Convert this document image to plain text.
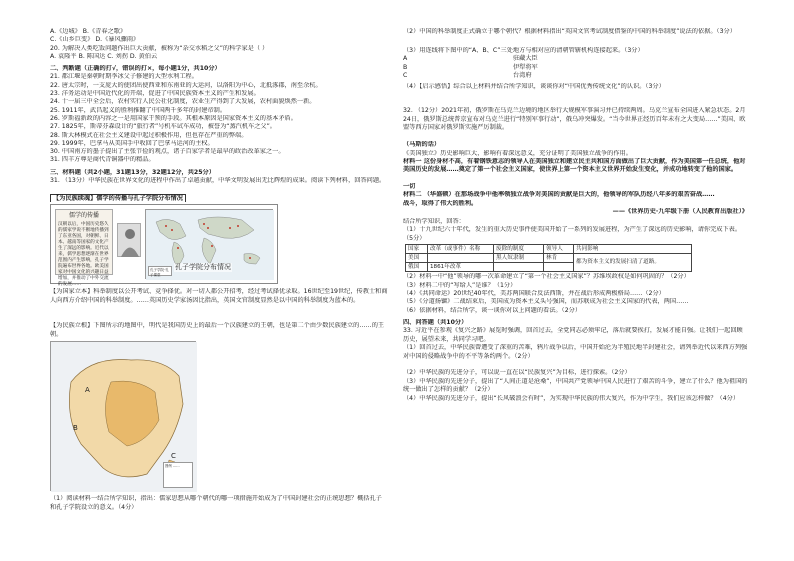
A.《边城》 B.《青春之歌》
C.《山乡巨变》 D.《暴风骤雨》
20. 为解决人类吃饭问题作出巨大贡献，被称为“杂交水稻之父”的科学家是（ ）
A. 袁隆平 B. 陈国达 C. 刘拐 D. 黄伯云
二、判断题（正确的打√，错误的打×，每小题1分，共10分）
21. 都江堰是秦朝时期李冰父子修建的大型水利工程。
22. 唐太宗时，一支庞大的使团出使西亚和东南亚的大运河，以洛阳为中心，北抵涿郡，南至余杭。
23. 洋务运动是中国近代化的开端，促进了中国民族资本主义的产生和发展。
24. 十一届三中全会后，农村实行人民公社化制度，农业生产得到了大发展，农村面貌焕然一新。
25. 1911年，武昌起义的胜利推翻了中国两千多年的封建帝制。
26. 罗斯福新政的内容之一是用国家干预的手段。其根本原因是国家资本主义的基本矛盾。
27. 1825年，斯蒂芬森设计的“旅行者”号机车试车成功，被誉为“蒸汽机车之父”。
28. 斯大林模式在社会主义建设中起过积极作用，但也存在严重的弊端。
29. 1999年，巴拿马从美国手中收回了巴拿马运河的主权。
30. 中国南方的墨子提出了主张节俭的观点，诸子百家学者是最早的政治改革家之一。
31. 四羊方尊是商代青铜器中的精品。
三、材料题（共2小题，31题13分，32题12分，共25分）
31. （13分）中华民族在世界文化的进程中作出了卓越贡献，中华文明发展出无比辉煌的成果。阅读下列材料，回答问题。
【为民族续魂】儒学的传播与孔子学院分布情况
儒学的传播
汉朝以后，中国历史悠久的儒家学说不断地传播到了东亚各国，对朝鲜、日本、越南等国家的文化产生了深远的影响。近代以来，儒学思想逐渐在世界范围内产生影响，孔子学院遍布世界各地。欧美国家对中国文化的兴趣日益增加，并推动了中外交流的发展……
孔子学院·孔子课堂
孔子学院分布情况
【为国家立本】科举制度以公开考试、竞争择优。对一切人都公开招考，经过考试择优录取。16世纪至19世纪，传教士和商人向西方介绍中国的科举制度。……英国历史学家汤因比指出，英国文官制度显然是以中国的科举制度为蓝本的。
【为民族立根】下图所示的地图中，明代是我国历史上的最后一个汉族建立的王朝，也是第二个由少数民族建立的……的王朝。
A
B
C
图例 ……
（1）阅读材料一结合所学知识，指出：儒家思想从哪个朝代的哪一项措施开始成为了中国封建社会的正统思想？概括孔子和孔子学院设立的意义。（4分）
（2）中国的科举制度正式确立于哪个朝代？根据材料指出“英国文官考试制度借鉴的中国的科举制度”说法的依据。（3分）
（3）用连线将下图中的“A、B、C”三处地方与相对应的清朝管辖机构连接起来。（3分）
A	驻藏大臣
B	伊犁将军
C	台湾府
（4）【启示感悟】综合以上材料并结合所学知识，谈谈你对“中国优秀传统文化”的认识。（3分）
32. （12分）2021年初，俄罗斯在乌克兰边境的地区举行大规模军事演习并已持续两周。乌克兰宣布全国进入紧急状态。2月24日，俄罗斯总统普京宣布对乌克兰进行“特别军事行动”，俄乌冲突爆发。“当今世界正经历百年未有之大变局……”美国、欧盟等西方国家对俄罗斯实施严厉制裁。
（马斯的话）
《美国独立》历史影响巨大，影响有着深远意义，充分证明了美国独立战争的作用。
材料一 这份身材不高，有着钢铁意志的领导人在美国独立和建立民主共和国方面做出了巨大贡献，作为美国第一任总统，他对美国历史的发展……奠定了第一个社会主义国家，使世界上第一个资本主义世界开始发生变化，并成功地转变了他的国家。
一切
材料二 （华盛顿）在那场战争中他率领独立战争对美国的贡献是巨大的，他领导的军队历经八年多的艰苦奋战……
战斗，取得了伟大的胜利。
——《世界历史·九年级下册（人民教育出版社）》
结合所学知识，回答：
（1）十九世纪六十年代，发生的重大历史事件使美国开始了一系列的发展进程，为产生了深远的历史影响，请你完成下表。（5分）
国家	改革（或事件）名称	废除的制度	领导人	共同影响
美国		黑人奴隶制	林肯	都为资本主义的发展扫清了道路。
俄国	1861年改革			
（2）材料一中“他”领导的哪一次革命建立了“第一个社会主义国家”？苏维埃政权是如何巩固的？（2分）
（3）材料二中的“写给人”是谁？（1分）
（4）《共同命运》20世纪40年代，美苏两国联合反法西斯，并在战后形成两极格局……（2分）
（5）《分道扬镳》二战结束后，美国成为资本主义头号强国，而苏联成为社会主义国家的代表，两国……
（6）依据材料，结合所学，谈一谈你对以上问题的看法。（2分）
四、问答题（共10分）
33. 习近平在参观《复兴之路》展览时强调，回首过去，全党同志必须牢记，落后就要挨打，发展才能自强。让我们一起回顾历史，展望未来，共同学习吧。
（1）回首过去，中华民族曾遭受了深重的苦难，鸦片战争以后，中国开始沦为半殖民地半封建社会，请列举近代以来西方列强对中国的侵略战争中的不平等条约两个。（2分）
（2）中华民族的先进分子，可以说一直在以“民族复兴”为目标，进行探索。（2分）
（3）中华民族的先进分子，提出了“人间正道是沧桑”，中国共产党领导中国人民进行了艰苦的斗争，建立了什么？他为祖国的统一做出了怎样的贡献？（2分）
（4）中华民族的先进分子，提出“长风破浪会有时”，为实现中华民族的伟大复兴，作为中学生，我们应该怎样做？（4分）
